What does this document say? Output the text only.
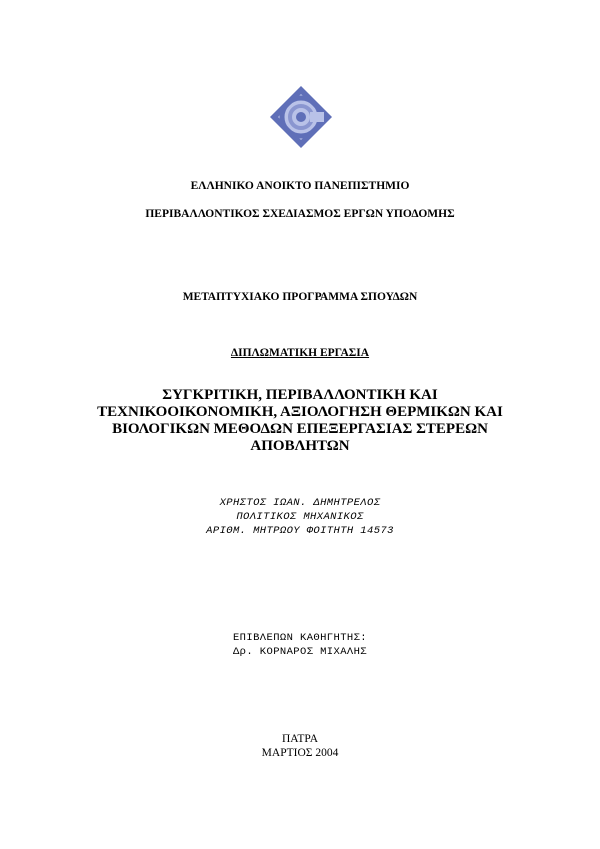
ΕΛΛΗΝΙΚΟ ΑΝΟΙΚΤΟ ΠΑΝΕΠΙΣΤΗΜΙΟ
ΠΕΡΙΒΑΛΛΟΝΤΙΚΟΣ ΣΧΕΔΙΑΣΜΟΣ ΕΡΓΩΝ ΥΠΟΔΟΜΗΣ
ΜΕΤΑΠΤΥΧΙΑΚΟ ΠΡΟΓΡΑΜΜΑ ΣΠΟΥΔΩΝ
ΔΙΠΛΩΜΑΤΙΚΗ ΕΡΓΑΣΙΑ
ΣΥΓΚΡΙΤΙΚΗ, ΠΕΡΙΒΑΛΛΟΝΤΙΚΗ ΚΑΙ
ΤΕΧΝΙΚΟΟΙΚΟΝΟΜΙΚΗ, ΑΞΙΟΛΟΓΗΣΗ ΘΕΡΜΙΚΩΝ ΚΑΙ
ΒΙΟΛΟΓΙΚΩΝ ΜΕΘΟΔΩΝ ΕΠΕΞΕΡΓΑΣΙΑΣ ΣΤΕΡΕΩΝ
ΑΠΟΒΛΗΤΩΝ
ΧΡΗΣΤΟΣ ΙΩΑΝ. ΔΗΜΗΤΡΕΛΟΣ
ΠΟΛΙΤΙΚΟΣ ΜΗΧΑΝΙΚΟΣ
ΑΡΙΘΜ. ΜΗΤΡΩΟΥ ΦΟΙΤΗΤΗ 14573
ΕΠΙΒΛΕΠΩΝ ΚΑΘΗΓΗΤΗΣ:
Δρ. ΚΟΡΝΑΡΟΣ ΜΙΧΑΛΗΣ
ΠΑΤΡΑ
ΜΑΡΤΙΟΣ 2004
